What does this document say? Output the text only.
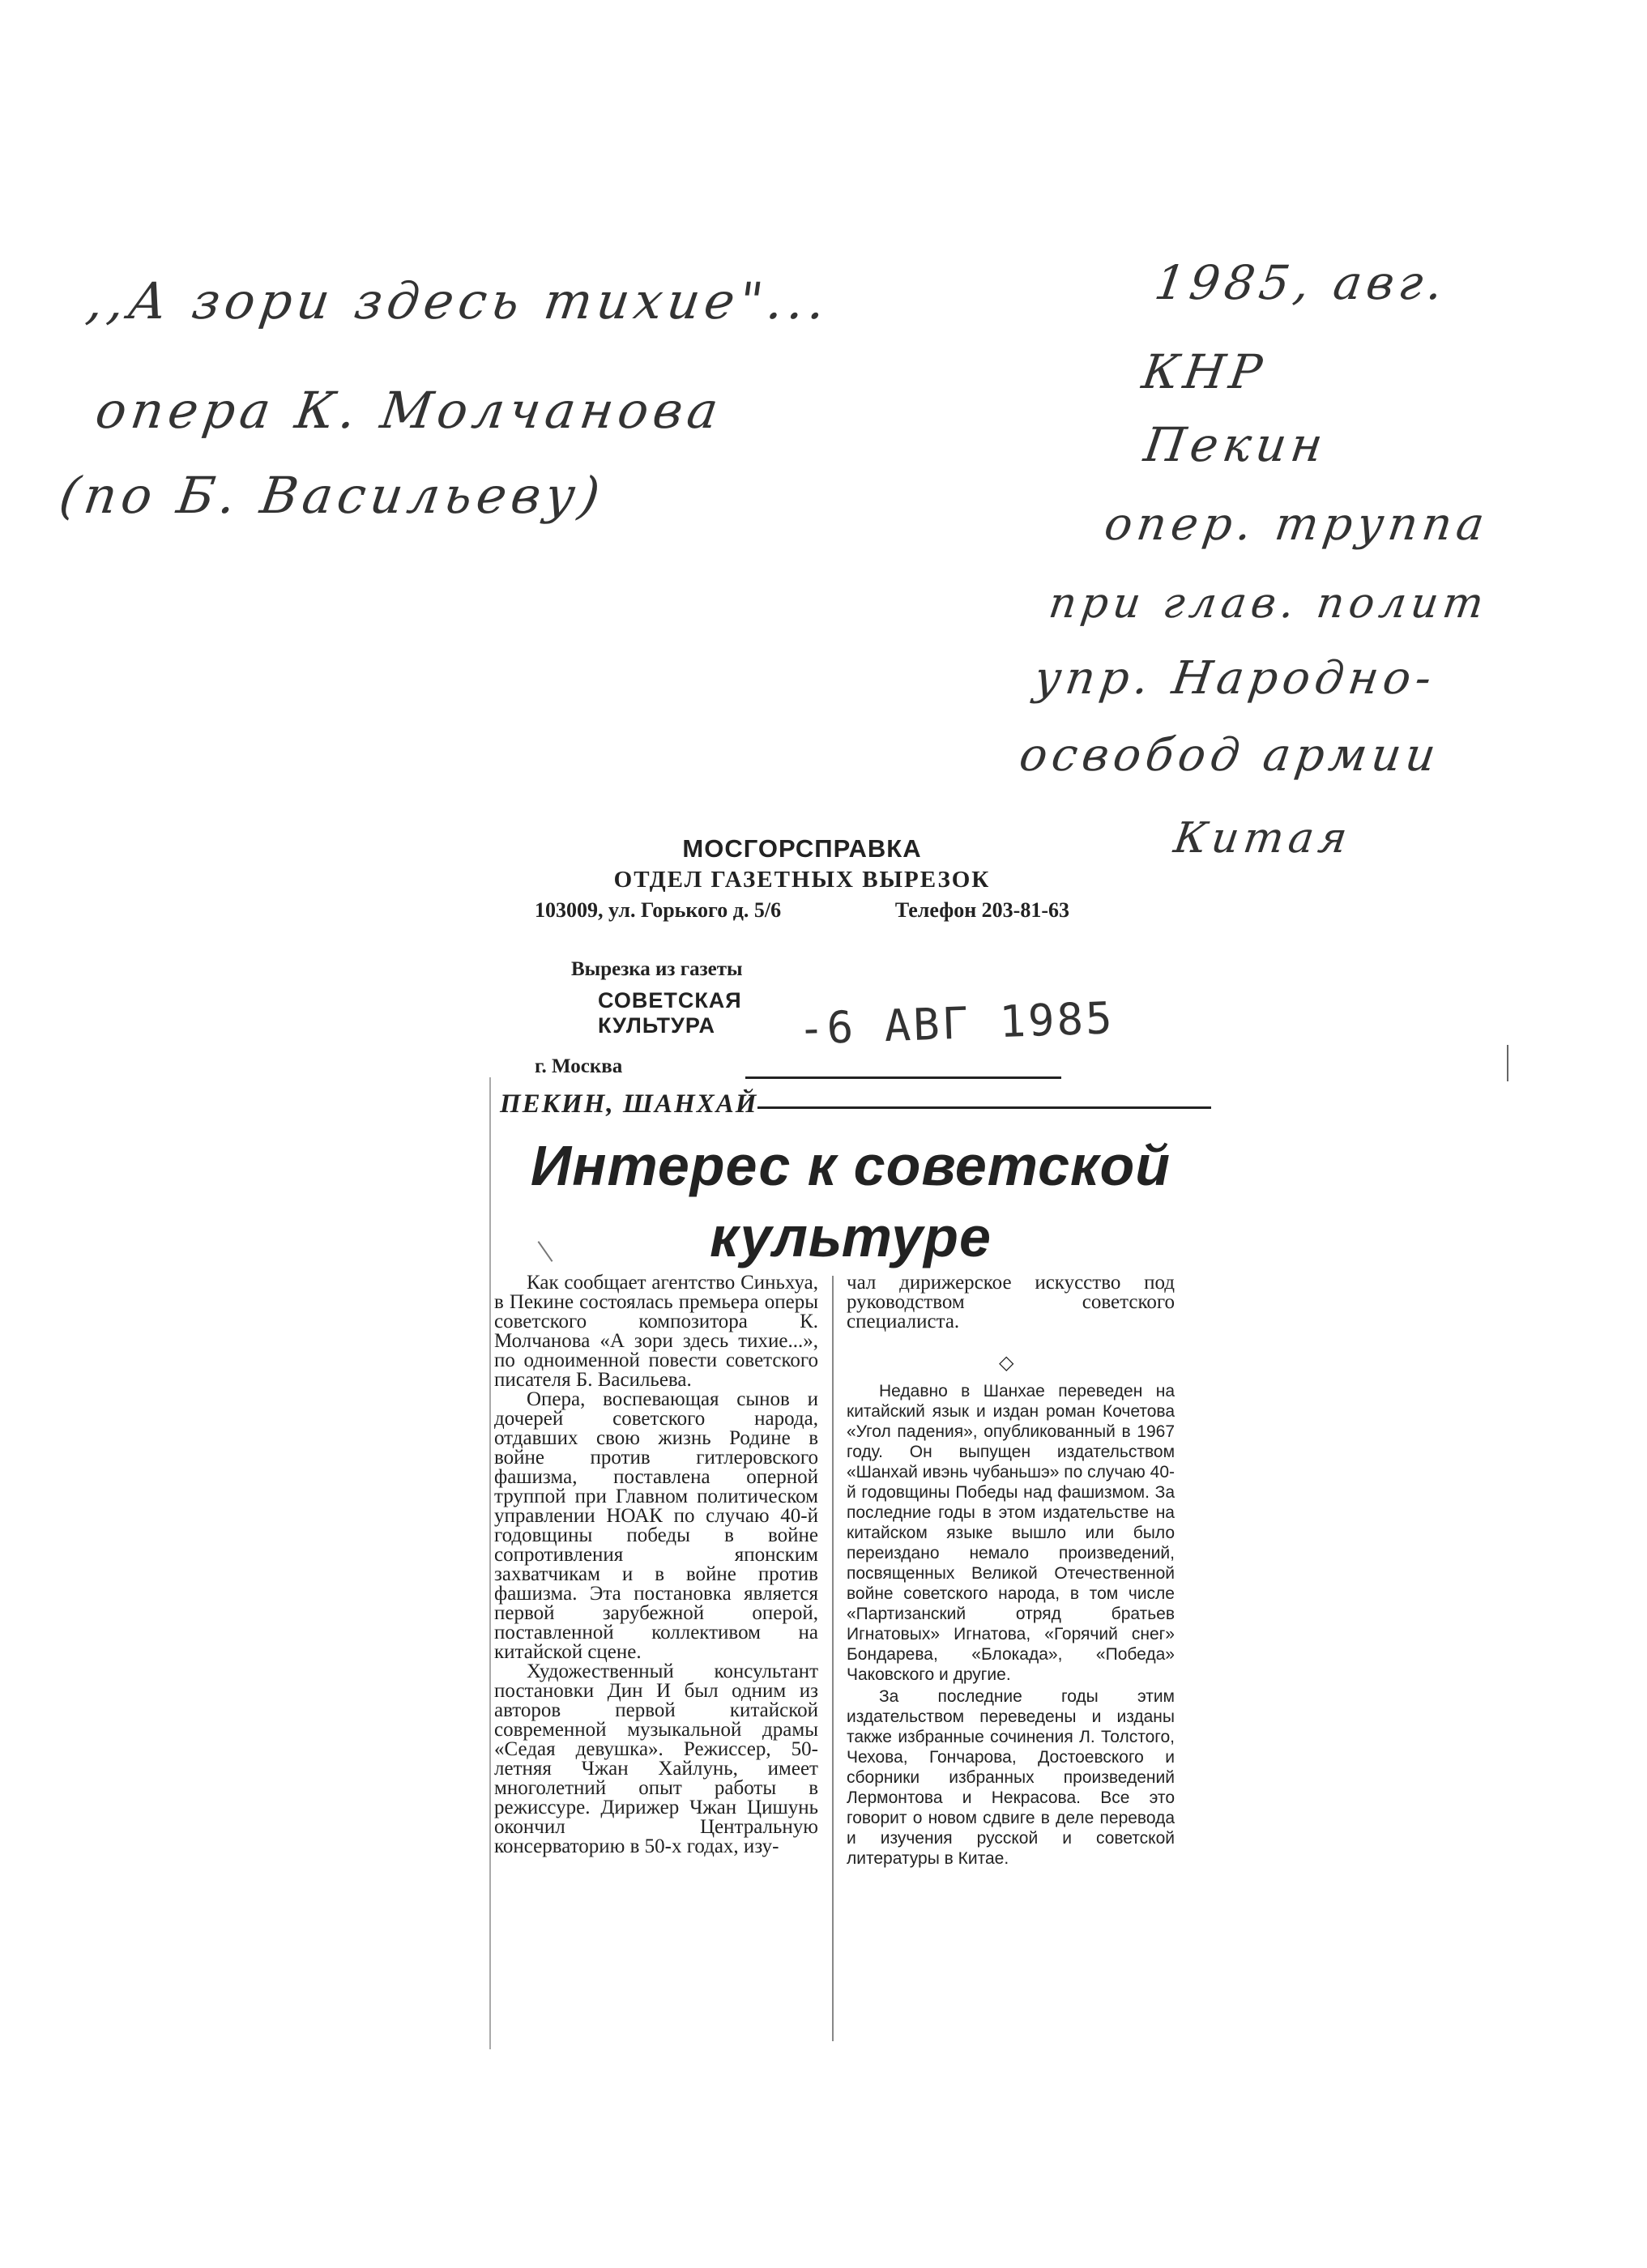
,,А зори здесь тихие"...
опера К. Молчанова
(по Б. Васильеву)
1985, авг.
КНР
Пекин
опер. труппа
при глав. полит
упр. Народно-
освобод армии
Китая
МОСГОРСПРАВКА
ОТДЕЛ ГАЗЕТНЫХ ВЫРЕЗОК
103009, ул. Горького д. 5/6	Телефон 203-81-63
Вырезка из газеты
СОВЕТСКАЯ
КУЛЬТУРА	-6 АВГ 1985
г. Москва
ПЕКИН, ШАНХАЙ
Интерес к советской
культуре

Как сообщает агентство Синьхуа, в Пекине состоялась премьера оперы советского композитора К. Молчанова «А зори здесь тихие...», по одноименной повести советского писателя Б. Васильева.

Опера, воспевающая сынов и дочерей советского народа, отдавших свою жизнь Родине в войне против гитлеровского фашизма, поставлена оперной труппой при Главном политическом управлении НОАК по случаю 40-й годовщины победы в войне сопротивления японским захватчикам и в войне против фашизма. Эта постановка является первой зарубежной оперой, поставленной коллективом на китайской сцене.

Художественный консультант постановки Дин И был одним из авторов первой китайской современной музыкальной драмы «Седая девушка». Режиссер, 50-летняя Чжан Хайлунь, имеет многолетний опыт работы в режиссуре. Дирижер Чжан Цишунь окончил Центральную консерваторию в 50-х годах, изу-

чал дирижерское искусство под руководством советского специалиста.

◇

Недавно в Шанхае переведен на китайский язык и издан роман Кочетова «Угол падения», опубликованный в 1967 году. Он выпущен издательством «Шанхай ивэнь чубаньшэ» по случаю 40-й годовщины Победы над фашизмом. За последние годы в этом издательстве на китайском языке вышло или было переиздано немало произведений, посвященных Великой Отечественной войне советского народа, в том числе «Партизанский отряд братьев Игнатовых» Игнатова, «Горячий снег» Бондарева, «Блокада», «Победа» Чаковского и другие.

За последние годы этим издательством переведены и изданы также избранные сочинения Л. Толстого, Чехова, Гончарова, Достоевского и сборники избранных произведений Лермонтова и Некрасова. Все это говорит о новом сдвиге в деле перевода и изучения русской и советской литературы в Китае.
